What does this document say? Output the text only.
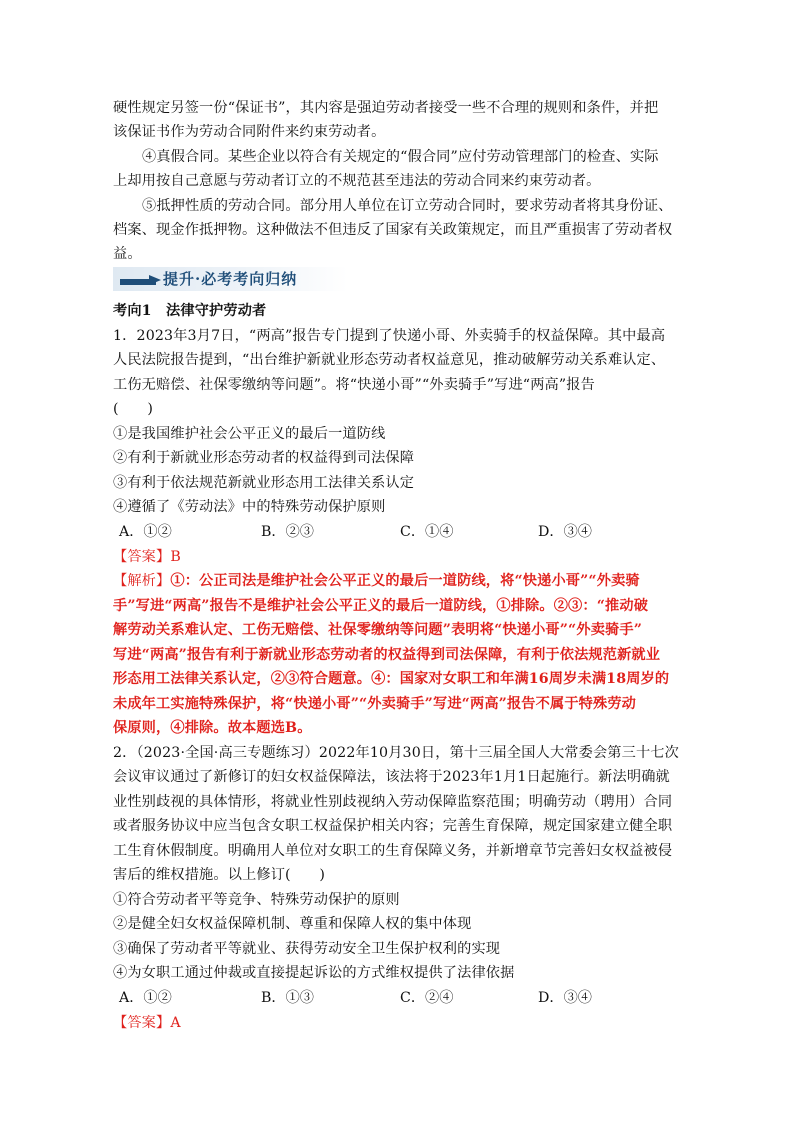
硬性规定另签一份“保证书”，其内容是强迫劳动者接受一些不合理的规则和条件，并把
该保证书作为劳动合同附件来约束劳动者。
④真假合同。某些企业以符合有关规定的“假合同”应付劳动管理部门的检查、实际
上却用按自己意愿与劳动者订立的不规范甚至违法的劳动合同来约束劳动者。
⑤抵押性质的劳动合同。部分用人单位在订立劳动合同时，要求劳动者将其身份证、
档案、现金作抵押物。这种做法不但违反了国家有关政策规定，而且严重损害了劳动者权
益。
提升·必考考向归纳
考向1　法律守护劳动者
1．2023年3月7日，“两高”报告专门提到了快递小哥、外卖骑手的权益保障。其中最高
人民法院报告提到，“出台维护新就业形态劳动者权益意见，推动破解劳动关系难认定、
工伤无赔偿、社保零缴纳等问题”。将“快递小哥”“外卖骑手”写进“两高”报告
(　　)
①是我国维护社会公平正义的最后一道防线
②有利于新就业形态劳动者的权益得到司法保障
③有利于依法规范新就业形态用工法律关系认定
④遵循了《劳动法》中的特殊劳动保护原则
A．①②	B．②③	C．①④	D．③④
【答案】B
【解析】①：公正司法是维护社会公平正义的最后一道防线，将“快递小哥”“外卖骑
手”写进“两高”报告不是维护社会公平正义的最后一道防线，①排除。②③：“推动破
解劳动关系难认定、工伤无赔偿、社保零缴纳等问题”表明将“快递小哥”“外卖骑手”
写进“两高”报告有利于新就业形态劳动者的权益得到司法保障，有利于依法规范新就业
形态用工法律关系认定，②③符合题意。④：国家对女职工和年满16周岁未满18周岁的
未成年工实施特殊保护，将“快递小哥”“外卖骑手”写进“两高”报告不属于特殊劳动
保原则，④排除。故本题选B。
2．（2023·全国·高三专题练习）2022年10月30日，第十三届全国人大常委会第三十七次
会议审议通过了新修订的妇女权益保障法，该法将于2023年1月1日起施行。新法明确就
业性别歧视的具体情形，将就业性别歧视纳入劳动保障监察范围；明确劳动（聘用）合同
或者服务协议中应当包含女职工权益保护相关内容；完善生育保障，规定国家建立健全职
工生育休假制度。明确用人单位对女职工的生育保障义务，并新增章节完善妇女权益被侵
害后的维权措施。以上修订(　　)
①符合劳动者平等竞争、特殊劳动保护的原则
②是健全妇女权益保障机制、尊重和保障人权的集中体现
③确保了劳动者平等就业、获得劳动安全卫生保护权利的实现
④为女职工通过仲裁或直接提起诉讼的方式维权提供了法律依据
A．①②	B．①③	C．②④	D．③④
【答案】A
